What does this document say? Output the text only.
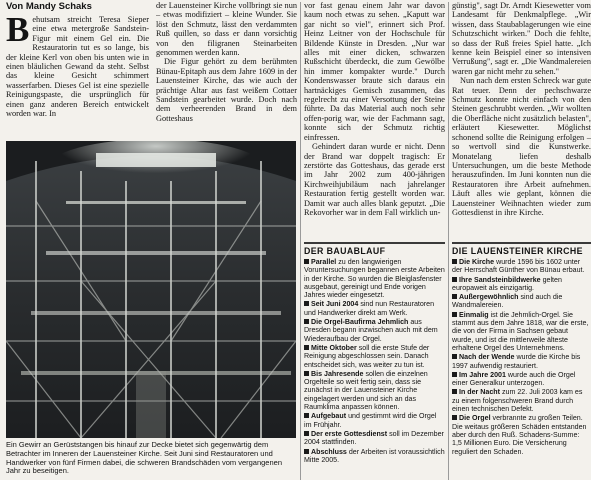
Von Mandy Schaks

Behutsam streicht Teresa Sieper eine etwa metergroße Sandstein-Figur mit einem Gel ein. Die Restauratorin tut es so lange, bis der kleine Kerl von oben bis unten wie in einen bläulichen Gewand da steht. Selbst das kleine Gesicht schimmert wasserfarben. Dieses Gel ist eine spezielle Reinigungspaste, die ursprünglich für einen ganz anderen Bereich entwickelt worden war. In

der Lauensteiner Kirche vollbringt sie nun – etwas modifiziert – kleine Wunder. Sie löst den Schmutz, lässt den verdammten Ruß quillen, so dass er dann vorsichtig von den filigranen Steinarbeiten genommen werden kann.

Die Figur gehört zu dem berühmten Bünau-Epitaph aus dem Jahre 1609 in der Lauensteiner Kirche, das wie auch der prächtige Altar aus fast weißem Cottaer Sandstein gearbeitet wurde. Doch nach dem verheerenden Brand in dem Gotteshaus

vor fast genau einem Jahr war davon kaum noch etwas zu sehen. „Kaputt war gar nicht so viel", erinnert sich Prof. Heinz Leitner von der Hochschule für Bildende Künste in Dresden. „Nur war alles mit einer dicken, schwarzen Rußschicht überdeckt, die zum Gewölbe hin immer kompakter wurde." Durch Kondenswasser braute sich daraus ein hartnäckiges Gemisch zusammen, das regelrecht zu einer Versottung der Steine führte. Da das Material auch noch sehr offen-porig war, wie der Fachmann sagt, konnte sich der Schmutz richtig einfressen.

Gehindert daran wurde er nicht. Denn der Brand war doppelt tragisch: Er zerstörte das Gotteshaus, das gerade erst im Jahr 2002 zum 400-jährigen Kirchweihjubiläum nach jahrelanger Restauration fertig gestellt worden war. Damit war auch alles blank geputzt. „Die Rekovorher war in dem Fall wirklich un-

günstig", sagt Dr. Arndt Kiesewetter vom Landesamt für Denkmalpflege. „Wir wissen, dass Staubablagerungen wie eine Schutzschicht wirken." Doch die fehlte, so dass der Ruß freies Spiel hatte. „Ich kenne kein Beispiel einer so intensiven Verrußung", sagt er. „Die Wandmalereien waren gar nicht mehr zu sehen."

Nun nach dem ersten Schreck war gute Rat teuer. Denn der pechschwarze Schmutz konnte nicht einfach von den Steinen geschrubbt werden. „Wir wollten die Oberfläche nicht zusätzlich belasten", erläutert Kiesewetter. Möglichst schonend sollte die Reinigung erfolgen – so wertvoll sind die Kunstwerke. Monatelang liefen deshalb Untersuchungen, um die beste Methode herauszufinden. Im Juni konnten nun die Restauratoren ihre Arbeit aufnehmen. Läuft alles wie geplant, können die Lauensteiner Weihnachten wieder zum Gottesdienst in ihre Kirche.

Ein Gewirr an Gerüststangen bis hinauf zur Decke bietet sich gegenwärtig dem Betrachter im Inneren der Lauensteiner Kirche. Seit Juni sind Restauratoren und Handwerker von fünf Firmen dabei, die schweren Brandschäden vom vergangenen Jahr zu beseitigen.
DER BAUABLAUF
Parallel zu den langwierigen Voruntersuchungen begannen erste Arbeiten in der Kirche. So wurden die Bleiglasfenster ausgebaut, gereinigt und Ende vorigen Jahres wieder eingesetzt.
Seit Juni 2004 sind nun Restauratoren und Handwerker direkt am Werk.
Die Orgel-Baufirma Jehmlich aus Dresden begann inzwischen auch mit dem Wiederaufbau der Orgel.
Mitte Oktober soll die erste Stufe der Reinigung abgeschlossen sein. Danach entscheidet sich, was weiter zu tun ist.
Bis Jahresende sollen die einzelnen Orgelteile so weit fertig sein, dass sie zunächst in der Lauensteiner Kirche eingelagert werden und sich an das Raumklima anpassen können.
Aufgebaut und gestimmt wird die Orgel im Frühjahr.
Der erste Gottesdienst soll im Dezember 2004 stattfinden.
Abschluss der Arbeiten ist voraussichtlich Mitte 2005.
DIE LAUENSTEINER KIRCHE
Die Kirche wurde 1596 bis 1602 unter der Herrschaft Günther von Bünau erbaut.
Ihre Sandsteinbildwerke gelten europaweit als einzigartig.
Außergewöhnlich sind auch die Wandmalereien.
Einmalig ist die Jehmlich-Orgel. Sie stammt aus dem Jahre 1818, war die erste, die von der Firma in Sachsen gebaut wurde, und ist die mittlerweile älteste erhaltene Orgel des Unternehmens.
Nach der Wende wurde die Kirche bis 1997 aufwendig restauriert.
Im Jahre 2001 wurde auch die Orgel einer Generalkur unterzogen.
In der Nacht zum 22. Juli 2003 kam es zu einem folgenschweren Brand durch einen technischen Defekt.
Die Orgel verbrannte zu großen Teilen. Die weitaus größeren Schäden entstanden aber durch den Ruß. Schadens-Summe: 1,5 Millionen Euro. Die Versicherung reguliert den Schaden.
